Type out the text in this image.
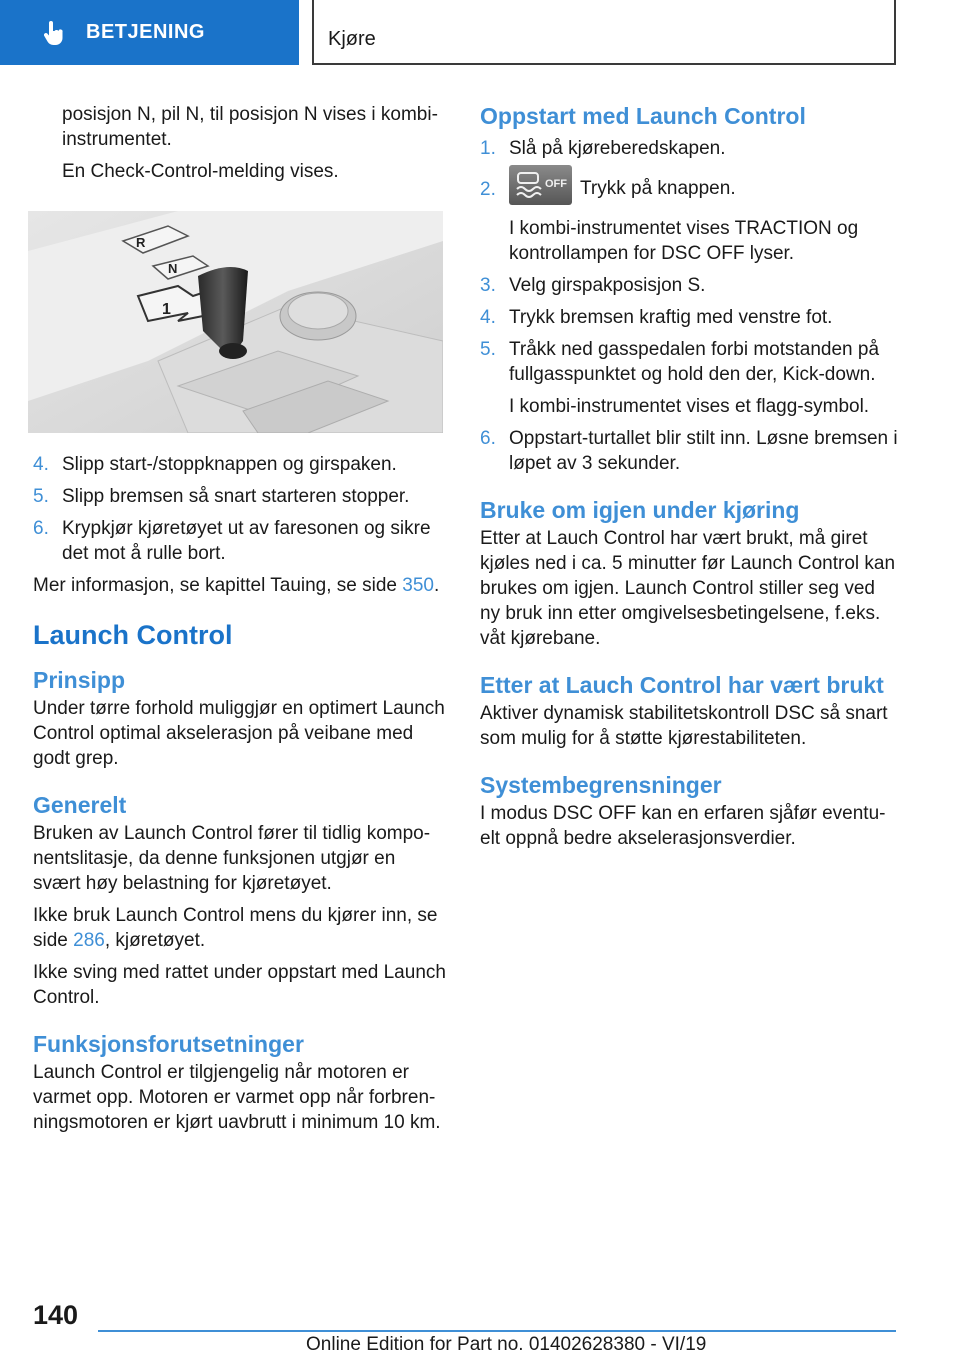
BETJENING	Kjøre

posisjon N, pil N, til posisjon N vises i kombi-instrumentet.

En Check-Control-melding vises.

R
N
1
4. Slipp start-/stoppknappen og girspaken.
5. Slipp bremsen så snart starteren stopper.
6. Krypkjør kjøretøyet ut av faresonen og sikre det mot å rulle bort.

Mer informasjon, se kapittel Tauing, se side 350.

Launch Control
Prinsipp

Under tørre forhold muliggjør en optimert Launch Control optimal akselerasjon på veibane med godt grep.

Generelt

Bruken av Launch Control fører til tidlig kompo-nentslitasje, da denne funksjonen utgjør en svært høy belastning for kjøretøyet.

Ikke bruk Launch Control mens du kjører inn, se side 286, kjøretøyet.

Ikke sving med rattet under oppstart med Launch Control.

Funksjonsforutsetninger

Launch Control er tilgjengelig når motoren er varmet opp. Motoren er varmet opp når forbren-ningsmotoren er kjørt uavbrutt i minimum 10 km.

Oppstart med Launch Control
1. Slå på kjøreberedskapen.
2.	OFF Trykk på knappen.
I kombi-instrumentet vises TRACTION og kontrollampen for DSC OFF lyser.
3. Velg girspakposisjon S.
4. Trykk bremsen kraftig med venstre fot.
5. Tråkk ned gasspedalen forbi motstanden på fullgasspunktet og hold den der, Kick-down.
I kombi-instrumentet vises et flagg-symbol.
6. Oppstart-turtallet blir stilt inn. Løsne bremsen i løpet av 3 sekunder.
Bruke om igjen under kjøring

Etter at Lauch Control har vært brukt, må giret kjøles ned i ca. 5 minutter før Launch Control kan brukes om igjen. Launch Control stiller seg ved ny bruk inn etter omgivelsesbetingelsene, f.eks. våt kjørebane.

Etter at Lauch Control har vært brukt

Aktiver dynamisk stabilitetskontroll DSC så snart som mulig for å støtte kjørestabiliteten.

Systembegrensninger

I modus DSC OFF kan en erfaren sjåfør eventu-elt oppnå bedre akselerasjonsverdier.

140
Online Edition for Part no. 01402628380 - VI/19
